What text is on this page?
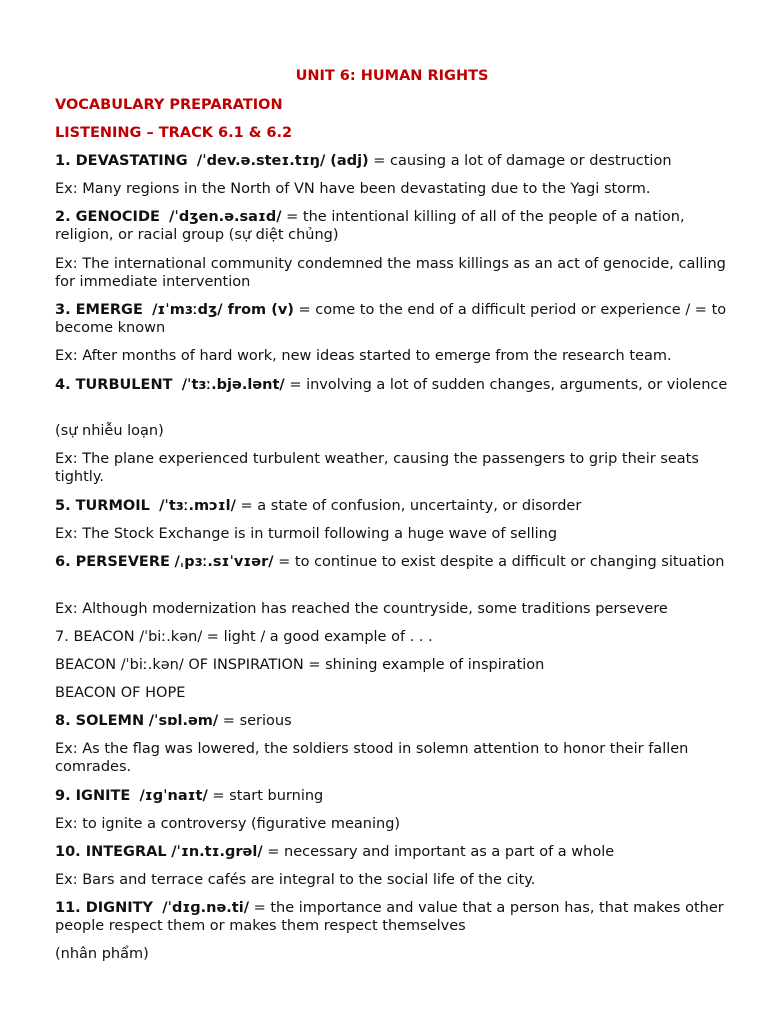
UNIT 6: HUMAN RIGHTS
VOCABULARY PREPARATION
LISTENING – TRACK 6.1 & 6.2
1. DEVASTATING /ˈdev.ə.steɪ.tɪŋ/ (adj) = causing a lot of damage or destruction
Ex: Many regions in the North of VN have been devastating due to the Yagi storm.
2. GENOCIDE /ˈdʒen.ə.saɪd/ = the intentional killing of all of the people of a nation, religion, or racial group (sự diệt chủng)
Ex: The international community condemned the mass killings as an act of genocide, calling for immediate intervention
3. EMERGE /ɪˈmɜːdʒ/ from (v) = come to the end of a difficult period or experience / = to become known
Ex: After months of hard work, new ideas started to emerge from the research team.
4. TURBULENT /ˈtɜː.bjə.lənt/ = involving a lot of sudden changes, arguments, or violence
(sự nhiễu loạn)
Ex: The plane experienced turbulent weather, causing the passengers to grip their seats tightly.
5. TURMOIL /ˈtɜː.mɔɪl/ = a state of confusion, uncertainty, or disorder
Ex: The Stock Exchange is in turmoil following a huge wave of selling
6. PERSEVERE /ˌpɜː.sɪˈvɪər/ = to continue to exist despite a difficult or changing situation
Ex: Although modernization has reached the countryside, some traditions persevere
7. BEACON /ˈbiː.kən/ = light / a good example of . . .
BEACON /ˈbiː.kən/ OF INSPIRATION = shining example of inspiration
BEACON OF HOPE
8. SOLEMN /ˈsɒl.əm/ = serious
Ex: As the flag was lowered, the soldiers stood in solemn attention to honor their fallen comrades.
9. IGNITE /ɪɡˈnaɪt/ = start burning
Ex: to ignite a controversy (figurative meaning)
10. INTEGRAL /ˈɪn.tɪ.ɡrəl/ = necessary and important as a part of a whole
Ex: Bars and terrace cafés are integral to the social life of the city.
11. DIGNITY /ˈdɪɡ.nə.ti/ = the importance and value that a person has, that makes other people respect them or makes them respect themselves
(nhân phẩm)
